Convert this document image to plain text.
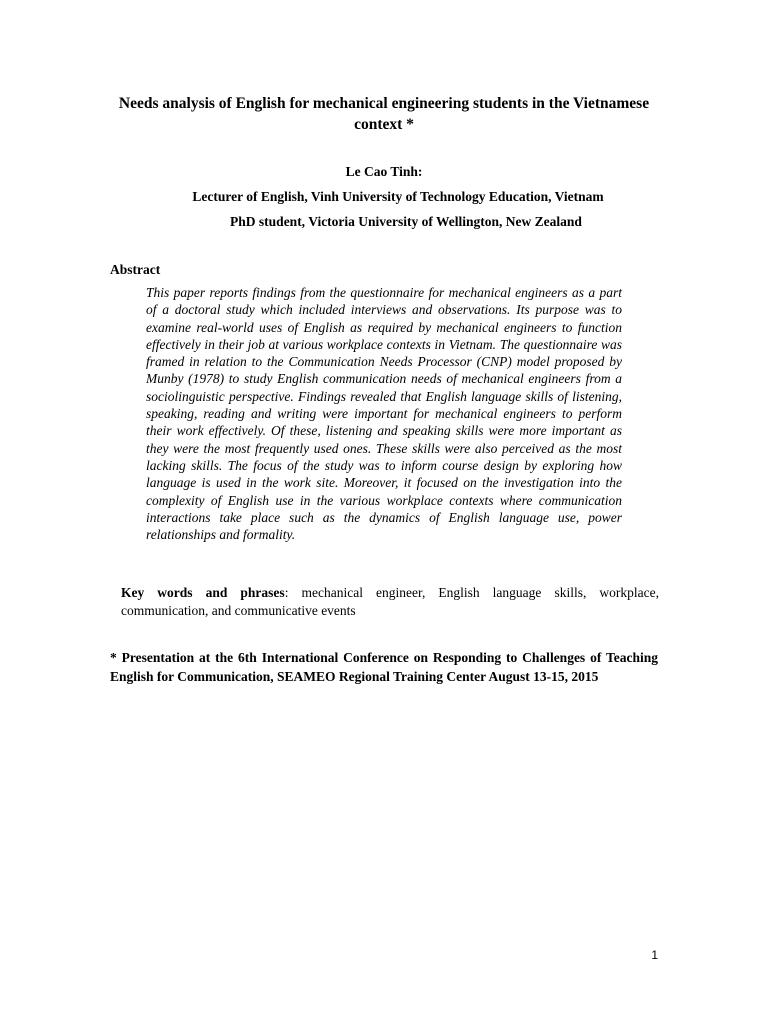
Needs analysis of English for mechanical engineering students in the Vietnamese context *
Le Cao Tinh:
Lecturer of English, Vinh University of Technology Education, Vietnam
PhD student, Victoria University of Wellington, New Zealand
Abstract

This paper reports findings from the questionnaire for mechanical engineers as a part of a doctoral study which included interviews and observations. Its purpose was to examine real-world uses of English as required by mechanical engineers to function effectively in their job at various workplace contexts in Vietnam. The questionnaire was framed in relation to the Communication Needs Processor (CNP) model proposed by Munby (1978) to study English communication needs of mechanical engineers from a sociolinguistic perspective. Findings revealed that English language skills of listening, speaking, reading and writing were important for mechanical engineers to perform their work effectively. Of these, listening and speaking skills were more important as they were the most frequently used ones. These skills were also perceived as the most lacking skills. The focus of the study was to inform course design by exploring how language is used in the work site. Moreover, it focused on the investigation into the complexity of English use in the various workplace contexts where communication interactions take place such as the dynamics of English language use, power relationships and formality.

Key words and phrases: mechanical engineer, English language skills, workplace, communication, and communicative events

* Presentation at the 6th International Conference on Responding to Challenges of Teaching English for Communication, SEAMEO Regional Training Center August 13-15, 2015

1
